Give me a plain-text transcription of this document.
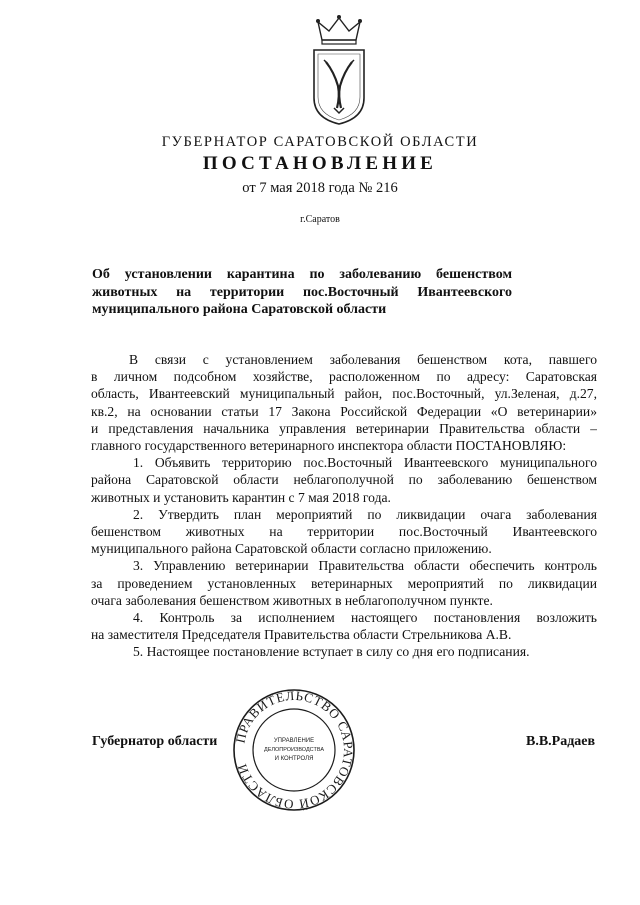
ГУБЕРНАТОР САРАТОВСКОЙ ОБЛАСТИ
ПОСТАНОВЛЕНИЕ
от 7 мая 2018 года № 216
г.Саратов
Об установлении карантина по заболеванию бешенством
животных на территории пос.Восточный Ивантеевского
муниципального района Саратовской области
В связи с установлением заболевания бешенством кота, павшего
в личном подсобном хозяйстве, расположенном по адресу: Саратовская
область, Ивантеевский муниципальный район, пос.Восточный, ул.Зеленая, д.27,
кв.2, на основании статьи 17 Закона Российской Федерации «О ветеринарии»
и представления начальника управления ветеринарии Правительства области –
главного государственного ветеринарного инспектора области ПОСТАНОВЛЯЮ:
1. Объявить территорию пос.Восточный Ивантеевского муниципального
района Саратовской области неблагополучной по заболеванию бешенством
животных и установить карантин с 7 мая 2018 года.
2. Утвердить план мероприятий по ликвидации очага заболевания
бешенством животных на территории пос.Восточный Ивантеевского
муниципального района Саратовской области согласно приложению.
3. Управлению ветеринарии Правительства области обеспечить контроль
за проведением установленных ветеринарных мероприятий по ликвидации
очага заболевания бешенством животных в неблагополучном пункте.
4. Контроль за исполнением настоящего постановления возложить
на заместителя Председателя Правительства области Стрельникова А.В.
5. Настоящее постановление вступает в силу со дня его подписания.
Губернатор области	В.В.Радаев
ПРАВИТЕЛЬСТВО САРАТОВСКОЙ ОБЛАСТИ
УПРАВЛЕНИЕ
ДЕЛОПРОИЗВОДСТВА
И КОНТРОЛЯ
